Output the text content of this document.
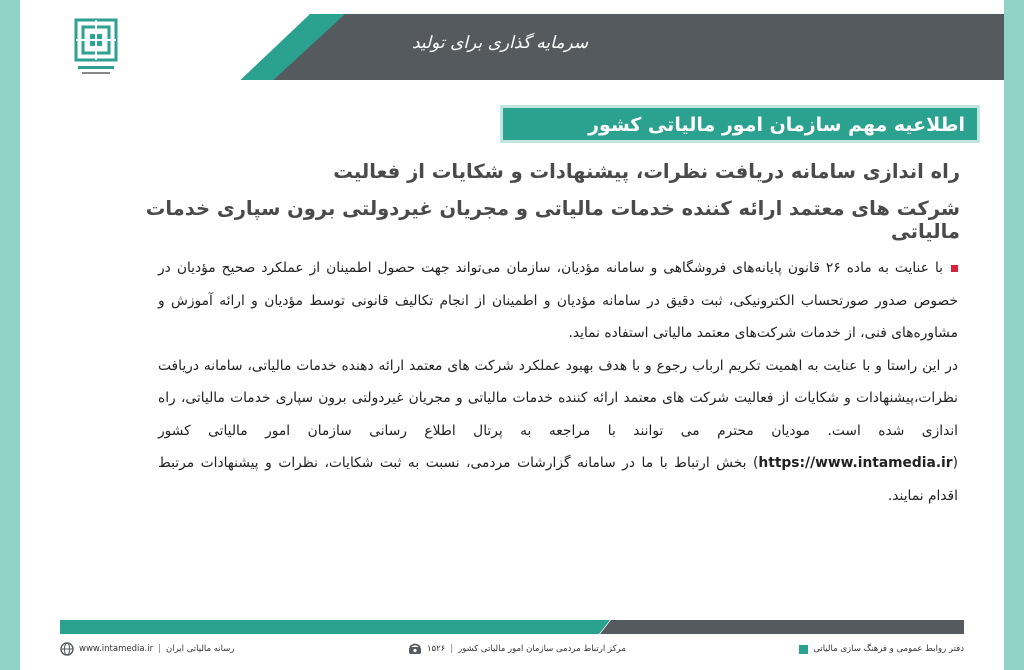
سرمایه گذاری برای تولید
اطلاعیه مهم سازمان امور مالیاتی کشور
راه اندازی سامانه دریافت نظرات، پیشنهادات و شکایات از فعالیت
شرکت های معتمد ارائه کننده خدمات مالیاتی و مجریان غیردولتی برون سپاری خدمات مالیاتی
با عنایت به ماده ۲۶ قانون پایانه‌های فروشگاهی و سامانه مؤدیان، سازمان می‌تواند جهت حصول اطمینان از عملکرد صحیح مؤدیان در خصوص صدور صورتحساب الکترونیکی، ثبت دقیق در سامانه مؤدیان و اطمینان از انجام تکالیف قانونی توسط مؤدیان و ارائه آموزش و مشاوره‌های فنی، از خدمات شرکت‌های معتمد مالیاتی استفاده نماید.
در این راستا و با عنایت به اهمیت تکریم ارباب رجوع و با هدف بهبود عملکرد شرکت های معتمد ارائه دهنده خدمات مالیاتی، سامانه دریافت نظرات،پیشنهادات و شکایات از فعالیت شرکت های معتمد ارائه کننده خدمات مالیاتی و مجریان غیردولتی برون سپاری خدمات مالیاتی، راه اندازی شده است. مودیان محترم می توانند با مراجعه به پرتال اطلاع رسانی سازمان امور مالیاتی کشور (https://www.intamedia.ir) بخش ارتباط با ما در سامانه گزارشات مردمی، نسبت به ثبت شکایات، نظرات و پیشنهادات مرتبط اقدام نمایند.
رسانه مالیاتی ایران
|
www.intamedia.ir	مرکز ارتباط مردمی سازمان امور مالیاتی کشور
|
۱۵۲۶	دفتر روابط عمومی و فرهنگ سازی مالیاتی
